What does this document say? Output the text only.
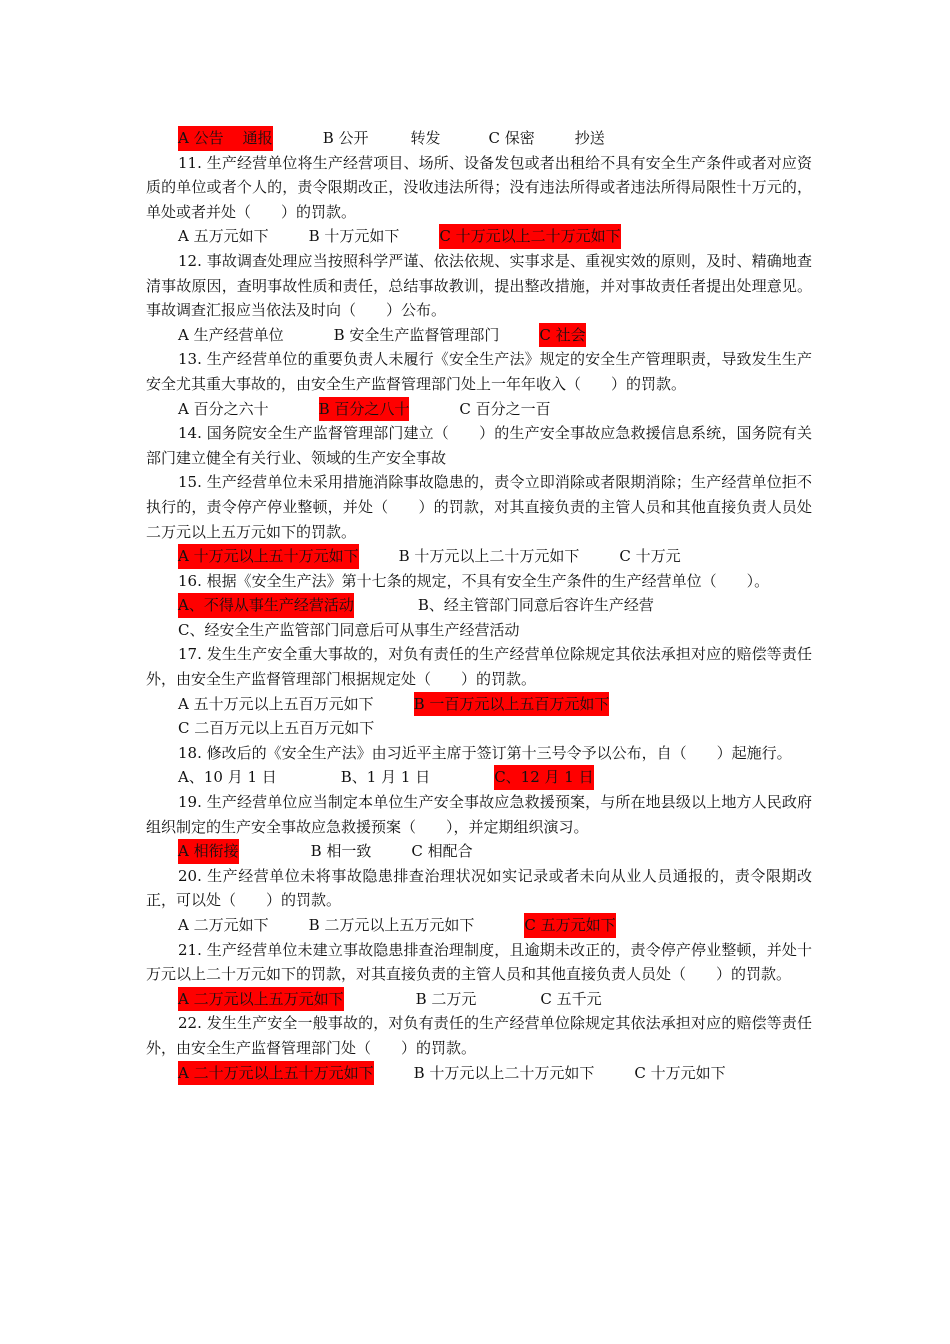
A 公告    通报	B 公开	转发	C 保密	抄送

11. 生产经营单位将生产经营项目、场所、设备发包或者出租给不具有安全生产条件或者对应资质的单位或者个人的，责令限期改正，没收违法所得；没有违法所得或者违法所得局限性十万元的，单处或者并处（　　）的罚款。

A 五万元如下	B 十万元如下	C 十万元以上二十万元如下

12. 事故调查处理应当按照科学严谨、依法依规、实事求是、重视实效的原则，及时、精确地查清事故原因，查明事故性质和责任，总结事故教训，提出整改措施，并对事故责任者提出处理意见。事故调查汇报应当依法及时向（　　）公布。

A 生产经营单位	B 安全生产监督管理部门	C 社会

13. 生产经营单位的重要负责人未履行《安全生产法》规定的安全生产管理职责，导致发生生产安全尤其重大事故的，由安全生产监督管理部门处上一年年收入（　　）的罚款。

A 百分之六十	B 百分之八十	C 百分之一百

14. 国务院安全生产监督管理部门建立（　　）的生产安全事故应急救援信息系统，国务院有关部门建立健全有关行业、领域的生产安全事故

15. 生产经营单位未采用措施消除事故隐患的，责令立即消除或者限期消除；生产经营单位拒不执行的，责令停产停业整顿，并处（　　）的罚款，对其直接负责的主管人员和其他直接负责人员处二万元以上五万元如下的罚款。

A 十万元以上五十万元如下	B 十万元以上二十万元如下	C 十万元

16. 根据《安全生产法》第十七条的规定，不具有安全生产条件的生产经营单位（　　）。

A、不得从事生产经营活动	B、经主管部门同意后容许生产经营

C、经安全生产监管部门同意后可从事生产经营活动

17. 发生生产安全重大事故的，对负有责任的生产经营单位除规定其依法承担对应的赔偿等责任外，由安全生产监督管理部门根据规定处（　　）的罚款。

A 五十万元以上五百万元如下	B 一百万元以上五百万元如下C 二百万元以上五百万元如下

18. 修改后的《安全生产法》由习近平主席于签订第十三号令予以公布，自（　　）起施行。

A、10 月 1 日	B、1 月 1 日	C、12 月 1 日

19. 生产经营单位应当制定本单位生产安全事故应急救援预案，与所在地县级以上地方人民政府组织制定的生产安全事故应急救援预案（　　），并定期组织演习。

A 相衔接	B 相一致	C 相配合

20. 生产经营单位未将事故隐患排查治理状况如实记录或者未向从业人员通报的，责令限期改正，可以处（　　）的罚款。

A 二万元如下	B 二万元以上五万元如下	C 五万元如下

21. 生产经营单位未建立事故隐患排查治理制度，且逾期未改正的，责令停产停业整顿，并处十万元以上二十万元如下的罚款，对其直接负责的主管人员和其他直接负责人员处（　　）的罚款。

A 二万元以上五万元如下	B 二万元	C 五千元

22. 发生生产安全一般事故的，对负有责任的生产经营单位除规定其依法承担对应的赔偿等责任外，由安全生产监督管理部门处（　　）的罚款。

A 二十万元以上五十万元如下	B 十万元以上二十万元如下	C 十万元如下
